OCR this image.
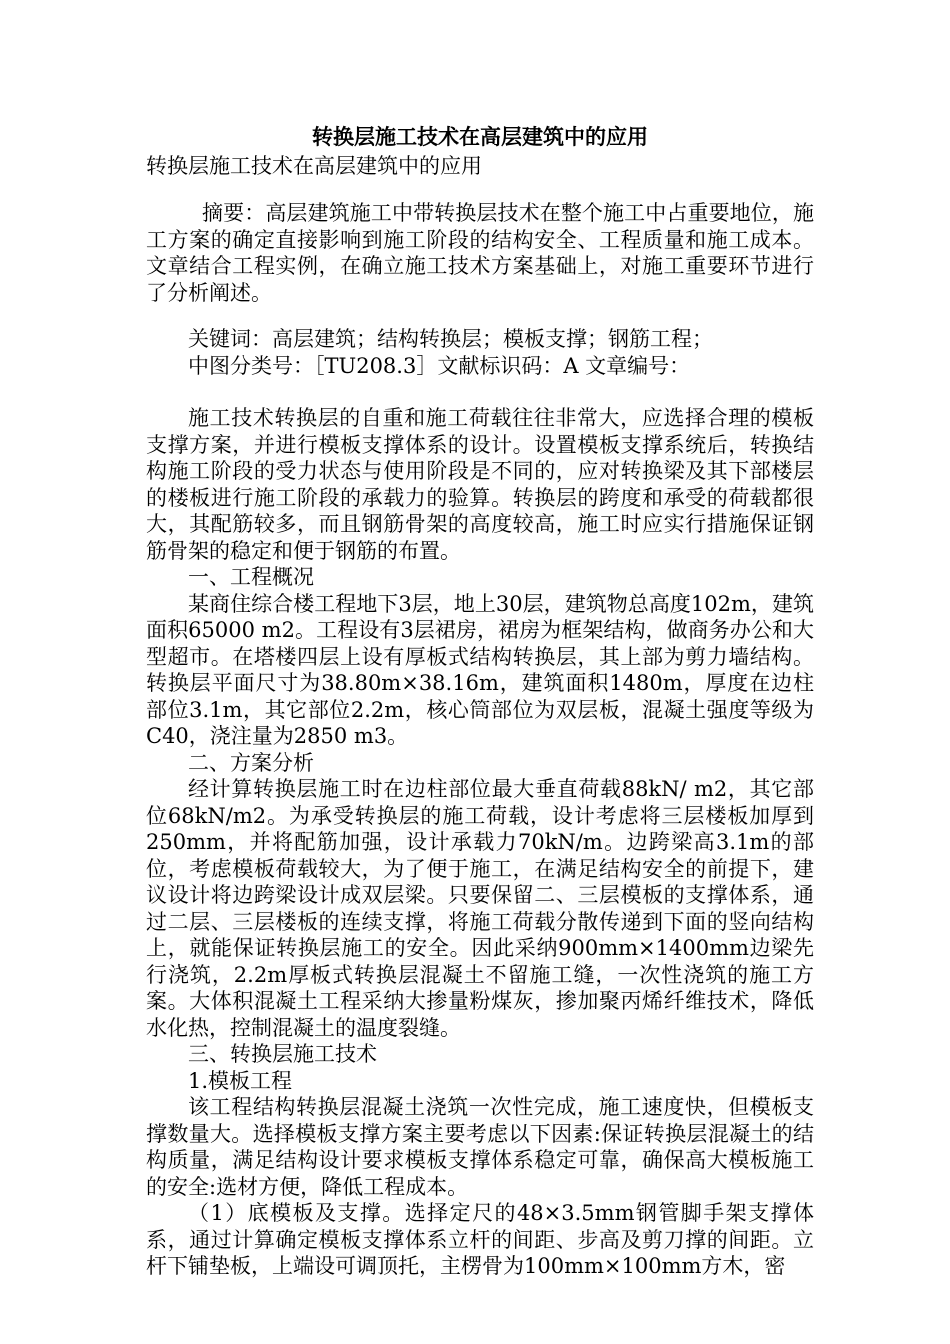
转换层施工技术在高层建筑中的应用
转换层施工技术在高层建筑中的应用

摘要：高层建筑施工中带转换层技术在整个施工中占重要地位，施工方案的确定直接影响到施工阶段的结构安全、工程质量和施工成本。文章结合工程实例，在确立施工技术方案基础上，对施工重要环节进行了分析阐述。

关键词：高层建筑；结构转换层；模板支撑；钢筋工程；

中图分类号：［TU208.3］文献标识码：A 文章编号：

施工技术转换层的自重和施工荷载往往非常大，应选择合理的模板支撑方案，并进行模板支撑体系的设计。设置模板支撑系统后，转换结构施工阶段的受力状态与使用阶段是不同的，应对转换梁及其下部楼层的楼板进行施工阶段的承载力的验算。转换层的跨度和承受的荷载都很大，其配筋较多，而且钢筋骨架的高度较高，施工时应实行措施保证钢筋骨架的稳定和便于钢筋的布置。

一、工程概况

某商住综合楼工程地下3层，地上30层，建筑物总高度102m，建筑面积65000 m2。工程设有3层裙房，裙房为框架结构，做商务办公和大型超市。在塔楼四层上设有厚板式结构转换层，其上部为剪力墙结构。转换层平面尺寸为38.80m×38.16m，建筑面积1480m，厚度在边柱部位3.1m，其它部位2.2m，核心筒部位为双层板，混凝土强度等级为C40，浇注量为2850 m3。

二、方案分析

经计算转换层施工时在边柱部位最大垂直荷载88kN/ m2，其它部位68kN/m2。为承受转换层的施工荷载，设计考虑将三层楼板加厚到250mm，并将配筋加强，设计承载力70kN/m。边跨梁高3.1m的部位，考虑模板荷载较大，为了便于施工，在满足结构安全的前提下，建议设计将边跨梁设计成双层梁。只要保留二、三层模板的支撑体系，通过二层、三层楼板的连续支撑，将施工荷载分散传递到下面的竖向结构上，就能保证转换层施工的安全。因此采纳900mm×1400mm边梁先行浇筑，2.2m厚板式转换层混凝土不留施工缝，一次性浇筑的施工方案。大体积混凝土工程采纳大掺量粉煤灰，掺加聚丙烯纤维技术，降低水化热，控制混凝土的温度裂缝。

三、转换层施工技术

1.模板工程

该工程结构转换层混凝土浇筑一次性完成，施工速度快，但模板支撑数量大。选择模板支撑方案主要考虑以下因素:保证转换层混凝土的结构质量，满足结构设计要求模板支撑体系稳定可靠，确保高大模板施工的安全:选材方便，降低工程成本。

（1）底模板及支撑。选择定尺的48×3.5mm钢管脚手架支撑体系，通过计算确定模板支撑体系立杆的间距、步高及剪刀撑的间距。立杆下铺垫板，上端设可调顶托，主楞骨为100mm×100mm方木，密
